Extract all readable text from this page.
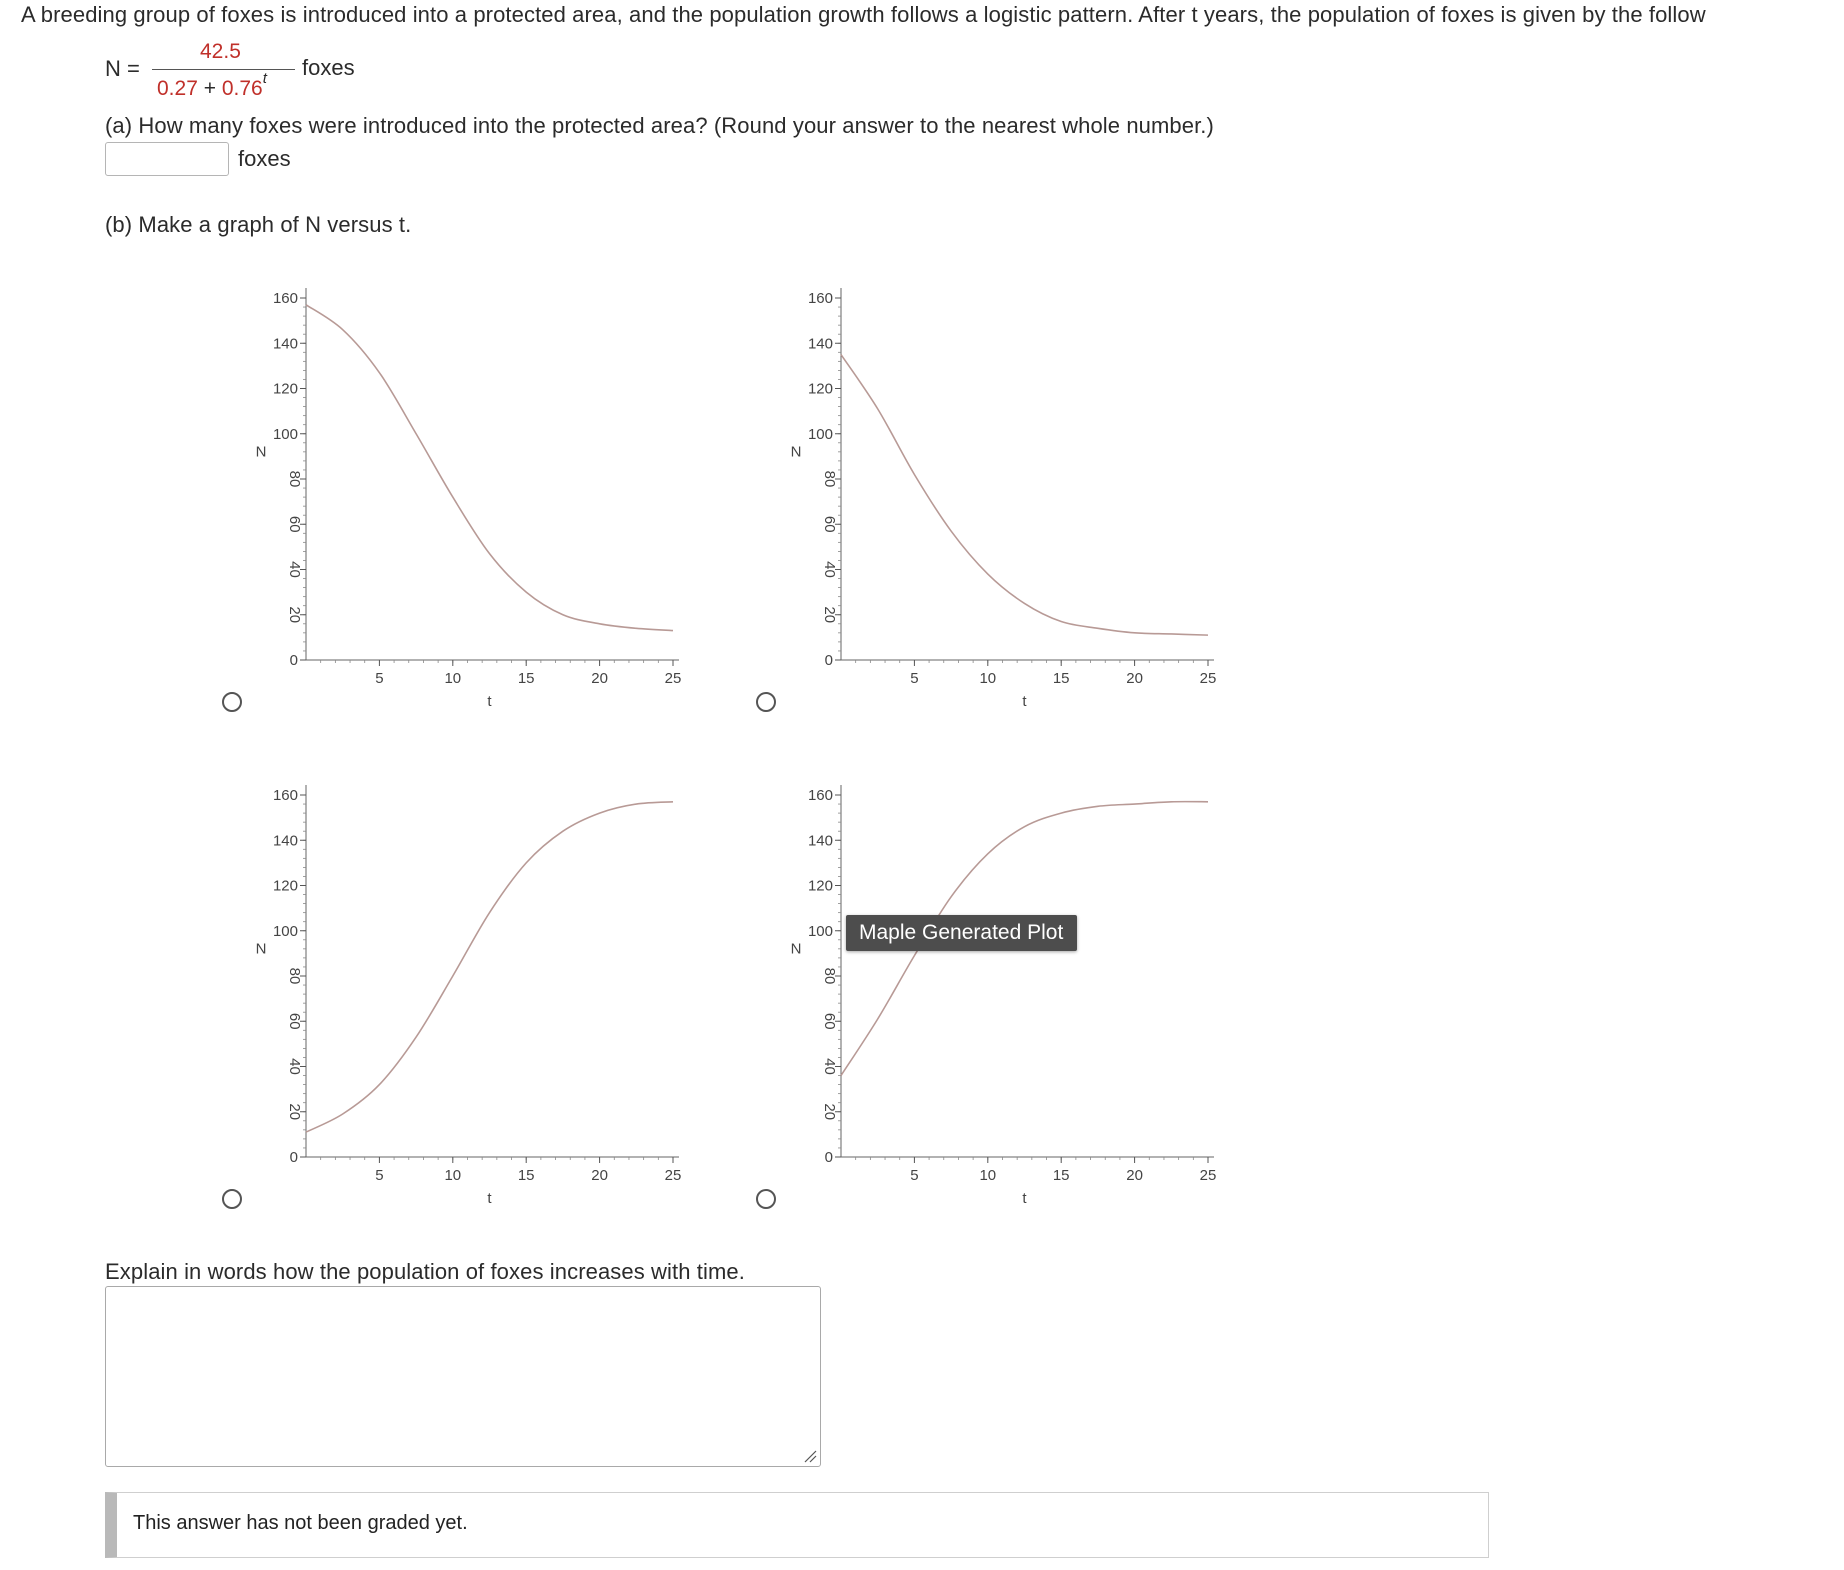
A breeding group of foxes is introduced into a protected area, and the population growth follows a logistic pattern. After t years, the population of foxes is given by the follow
N =
42.5
$0.27 + 0.76^t$ foxes
(a) How many foxes were introduced into the protected area? (Round your answer to the nearest whole number.)
foxes
(b) Make a graph of N versus t.
0
20
40
60
80
100
120
140
160
5	10	15	20	25
N
t
0
20
40
60
80
100
120
140
160
5	10	15	20	25
N
t
0
20
40
60
80
100
120
140
160
5	10	15	20	25
N
t
0
20
40
60
80
100
120
140
160
5	10	15	20	25
N
t
Maple Generated Plot
Explain in words how the population of foxes increases with time.
This answer has not been graded yet.
